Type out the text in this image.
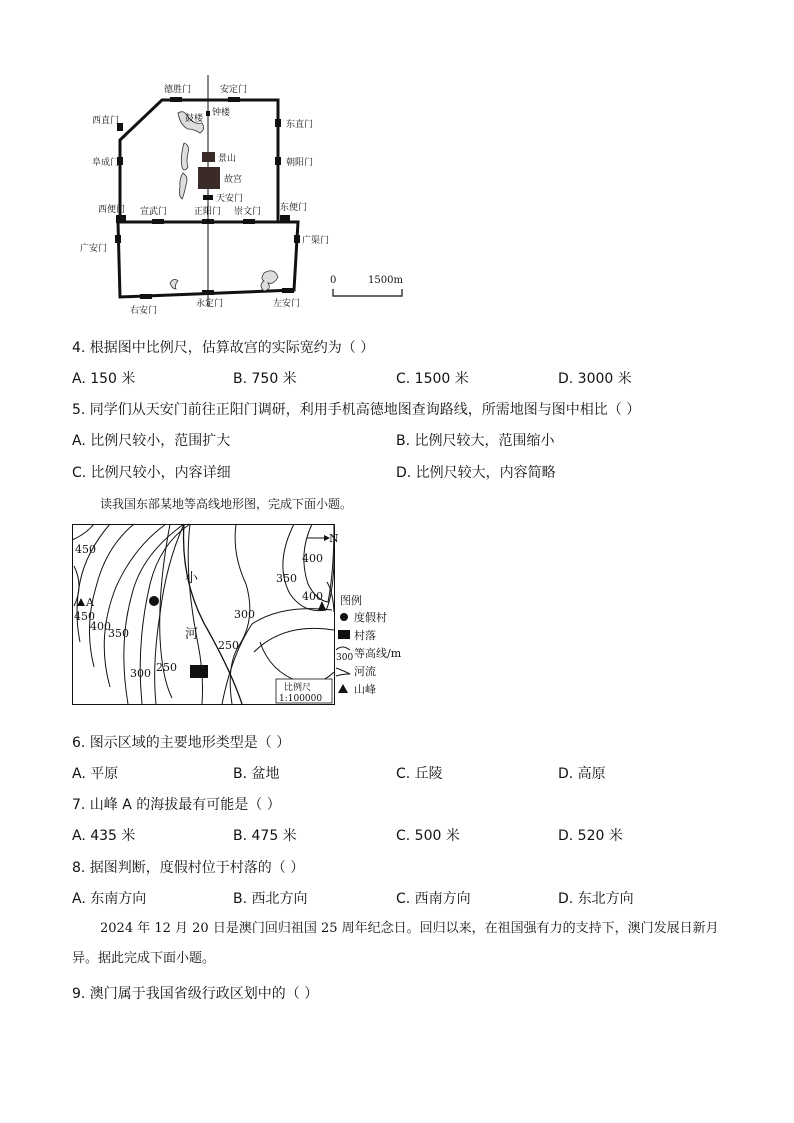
德胜门	安定门
西直门	东直门
阜成门	朝阳门
西便门	东便门
宣武门	正阳门 崇文门
广安门
广渠门
右安门
永定门	左安门
鼓楼
钟楼
景山
故宫
天安门
0	1500m
4. 根据图中比例尺，估算故宫的实际宽约为（ ）
A. 150 米	B. 750 米	C. 1500 米	D. 3000 米
5. 同学们从天安门前往正阳门调研，利用手机高德地图查询路线，所需地图与图中相比（ ）
A. 比例尺较小，范围扩大	B. 比例尺较大，范围缩小
C. 比例尺较小，内容详细	D. 比例尺较大，内容简略
读我国东部某地等高线地形图，完成下面小题。
A
N
450
400
350
300 250
250
300
350
400
400
450
小
河
比例尺
1:100000
图例
度假村
村落
300 等高线/m
河流
山峰
6. 图示区域的主要地形类型是（ ）
A. 平原	B. 盆地	C. 丘陵	D. 高原
7. 山峰 A 的海拔最有可能是（ ）
A. 435 米	B. 475 米	C. 500 米	D. 520 米
8. 据图判断，度假村位于村落的（ ）
A. 东南方向	B. 西北方向	C. 西南方向	D. 东北方向
2024 年 12 月 20 日是澳门回归祖国 25 周年纪念日。回归以来，在祖国强有力的支持下，澳门发展日新月异。据此完成下面小题。
9. 澳门属于我国省级行政区划中的（ ）
